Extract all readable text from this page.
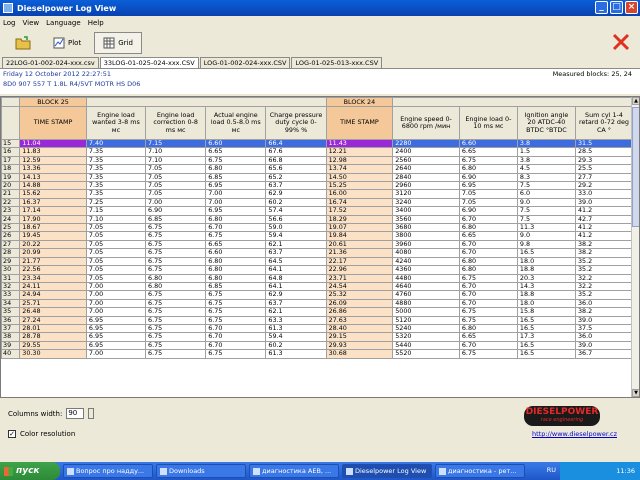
Dieselpower Log View	_ □ ×
Log View Language Help
Plot	Grid
22LOG-01-002-024-xxx.csv	33LOG-01-025-024-xxx.CSV	LOG-01-002-024-xxx.CSV	LOG-01-025-013-xxx.CSV
Friday 12 October 2012 22:27:51
8D0 907 557 T 1.8L R4/5VT MOTR HS D06
Measured blocks: 25, 24
	BLOCK 25					BLOCK 24				
	TIME STAMP	Engine load wanted 3-8 ms мс	Engine load correction 0-8 ms мс	Actual engine load 0.5-8.0 ms мс	Charge pressure duty cycle 0-99% %	TIME STAMP	Engine speed 0-6800 rpm /мин	Engine load 0-10 ms мс	Ignition angle 20 ATDC-40 BTDC °BTDC	Sum cyl 1-4 retard 0-72 deg CA °
15	11.04	7.40	7.15	6.60	66.4	11.43	2280	6.60	3.8	31.5
16	11.83	7.35	7.10	6.65	67.6	12.21	2400	6.65	1.5	28.5
17	12.59	7.35	7.10	6.75	66.8	12.98	2560	6.75	3.8	29.3
18	13.36	7.35	7.05	6.80	65.6	13.74	2640	6.80	4.5	25.5
19	14.13	7.35	7.05	6.85	65.2	14.50	2840	6.90	8.3	27.7
20	14.88	7.35	7.05	6.95	63.7	15.25	2960	6.95	7.5	29.2
21	15.62	7.35	7.05	7.00	62.9	16.00	3120	7.05	6.0	33.0
22	16.37	7.25	7.00	7.00	60.2	16.74	3240	7.05	9.0	39.0
23	17.14	7.15	6.90	6.95	57.4	17.52	3400	6.90	7.5	41.2
24	17.90	7.10	6.85	6.80	56.6	18.29	3560	6.70	7.5	42.7
25	18.67	7.05	6.75	6.70	59.0	19.07	3680	6.80	11.3	41.2
26	19.45	7.05	6.75	6.75	59.4	19.84	3800	6.65	9.0	41.2
27	20.22	7.05	6.75	6.65	62.1	20.61	3960	6.70	9.8	38.2
28	20.99	7.05	6.75	6.60	63.7	21.36	4080	6.70	16.5	38.2
29	21.77	7.05	6.75	6.80	64.5	22.17	4240	6.80	18.0	35.2
30	22.56	7.05	6.75	6.80	64.1	22.96	4360	6.80	18.8	35.2
31	23.34	7.05	6.80	6.80	64.8	23.71	4480	6.75	20.3	32.2
32	24.11	7.00	6.80	6.85	64.1	24.54	4640	6.70	14.3	32.2
33	24.94	7.00	6.75	6.75	62.9	25.32	4760	6.70	18.8	35.2
34	25.71	7.00	6.75	6.75	63.7	26.09	4880	6.70	18.0	36.0
35	26.48	7.00	6.75	6.75	62.1	26.86	5000	6.75	15.8	38.2
36	27.24	6.95	6.75	6.75	63.3	27.63	5120	6.75	16.5	39.0
37	28.01	6.95	6.75	6.70	61.3	28.40	5240	6.80	16.5	37.5
38	28.78	6.95	6.75	6.70	59.4	29.15	5320	6.65	17.3	36.0
39	29.55	6.95	6.75	6.70	60.2	29.93	5440	6.70	16.5	39.0
40	30.30	7.00	6.75	6.75	61.3	30.68	5520	6.75	16.5	36.7
▲
▼
Columns width: 90
✓ Color resolution
DIESELPOWER
race engineering
http://www.dieselpower.cz
пуск	Вопрос про надду...	Downloads	диагностика AEB, ...	Dieselpower Log View	диагностика - рет...	RU	11:36
